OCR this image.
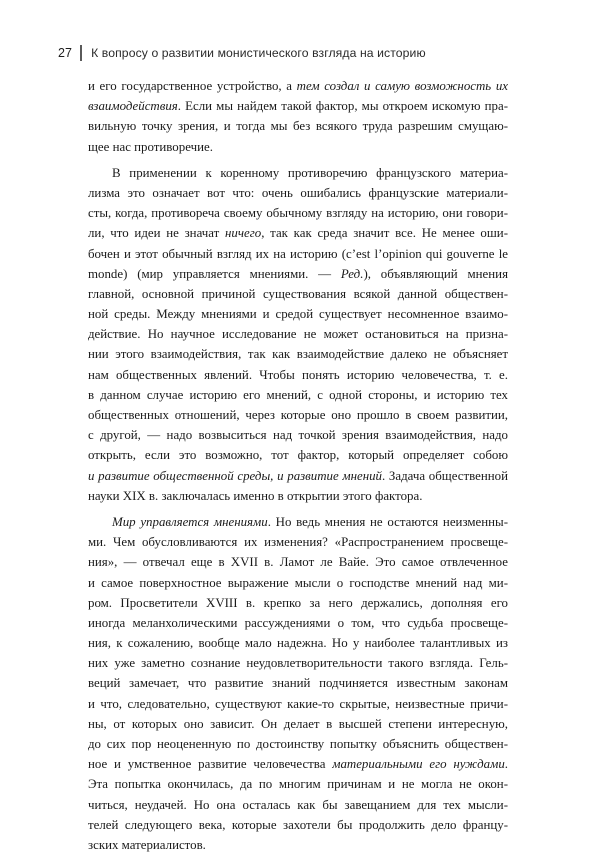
27 К вопросу о развитии монистического взгляда на историю
и его государственное устройство, а тем создал и самую возможность их
взаимодействия. Если мы найдем такой фактор, мы откроем искомую пра-
вильную точку зрения, и тогда мы без всякого труда разрешим смущаю-
щее нас противоречие.
В применении к коренному противоречию французского материа-
лизма это означает вот что: очень ошибались французские материали-
сты, когда, противореча своему обычному взгляду на историю, они говори-
ли, что идеи не значат ничего, так как среда значит все. Не менее оши-
бочен и этот обычный взгляд их на историю (c’est l’opinion qui gouverne le
monde) (мир управляется мнениями. — Ред.), объявляющий мнения
главной, основной причиной существования всякой данной обществен-
ной среды. Между мнениями и средой существует несомненное взаимо-
действие. Но научное исследование не может остановиться на призна-
нии этого взаимодействия, так как взаимодействие далеко не объясняет
нам общественных явлений. Чтобы понять историю человечества, т. е.
в данном случае историю его мнений, с одной стороны, и историю тех
общественных отношений, через которые оно прошло в своем развитии,
с другой, — надо возвыситься над точкой зрения взаимодействия, надо
открыть, если это возможно, тот фактор, который определяет собою
и развитие общественной среды, и развитие мнений. Задача общественной
науки XIX в. заключалась именно в открытии этого фактора.
Мир управляется мнениями. Но ведь мнения не остаются неизменны-
ми. Чем обусловливаются их изменения? «Распространением просвеще-
ния», — отвечал еще в XVII в. Ламот ле Вайе. Это самое отвлеченное
и самое поверхностное выражение мысли о господстве мнений над ми-
ром. Просветители XVIII в. крепко за него держались, дополняя его
иногда меланхолическими рассуждениями о том, что судьба просвеще-
ния, к сожалению, вообще мало надежна. Но у наиболее талантливых из
них уже заметно сознание неудовлетворительности такого взгляда. Гель-
веций замечает, что развитие знаний подчиняется известным законам
и что, следовательно, существуют какие-то скрытые, неизвестные причи-
ны, от которых оно зависит. Он делает в высшей степени интересную,
до сих пор неоцененную по достоинству попытку объяснить обществен-
ное и умственное развитие человечества материальными его нуждами.
Эта попытка окончилась, да по многим причинам и не могла не окон-
читься, неудачей. Но она осталась как бы завещанием для тех мысли-
телей следующего века, которые захотели бы продолжить дело францу-
зских материалистов.
